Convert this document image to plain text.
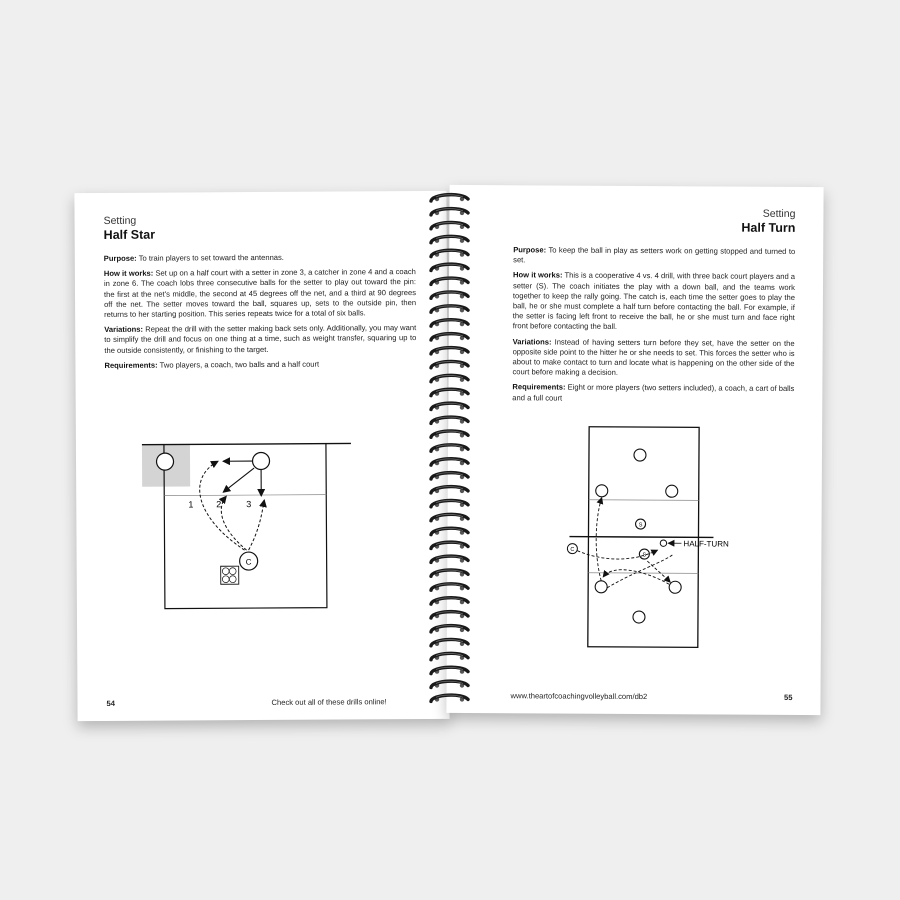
Setting
Half Star

Purpose: To train players to set toward the antennas.

How it works: Set up on a half court with a setter in zone 3, a catcher in zone 4 and a coach in zone 6. The coach lobs three consecutive balls for the setter to play out toward the pin: the first at the net's middle, the second at 45 degrees off the net, and a third at 90 degrees off the net. The setter moves toward the ball, squares up, sets to the outside pin, then returns to her starting position. This series repeats twice for a total of six balls.

Variations: Repeat the drill with the setter making back sets only. Additionally, you may want to simplify the drill and focus on one thing at a time, such as weight transfer, squaring up to the outside consistently, or finishing to the target.

Requirements: Two players, a coach, two balls and a half court

1	2	3
C
54	Check out all of these drills online!
Setting
Half Turn

Purpose: To keep the ball in play as setters work on getting stopped and turned to set.

How it works: This is a cooperative 4 vs. 4 drill, with three back court players and a setter (S). The coach initiates the play with a down ball, and the teams work together to keep the rally going. The catch is, each time the setter goes to play the ball, he or she must complete a half turn before contacting the ball. For example, if the setter is facing left front to receive the ball, he or she must turn and face right front before contacting the ball.

Variations: Instead of having setters turn before they set, have the setter on the opposite side point to the hitter he or she needs to set. This forces the setter who is about to make contact to turn and locate what is happening on the other side of the court before making a decision.

Requirements: Eight or more players (two setters included), a coach, a cart of balls and a full court

S
S
HALF-TURN
C
www.theartofcoachingvolleyball.com/db2	55
